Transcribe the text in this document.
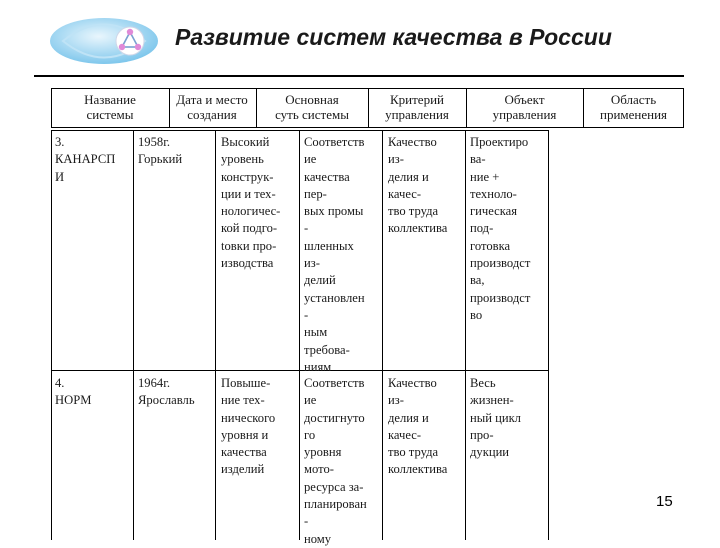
Развитие систем качества в России
Название
системы
Дата и место
создания
Основная
суть системы
Критерий
управления
Объект
управления
Область
применения
3.
КАНАРСП
И
1958г.
Горький
Высокий
уровень
конструк-
ции и тех-
нологичес-
кой подго-
tовки про-
изводства
Соответств
ие
качества
пер-
вых промы
-
шленных
из-
делий
установлен
-
ным
требова-
ниям
Качество
из-
делия и
качес-
тво труда
коллектива
Проектиро
ва-
ние +
техноло-
гическая
под-
готовка
производст
ва,
производст
во
4.
НОРМ
1964г.
Ярославль
Повыше-
ние тех-
нического
уровня и
качества
изделий
Соответств
ие
достигнуто
го
уровня
мото-
ресурса за-
планирован
-
ному
Качество
из-
делия и
качес-
тво труда
коллектива
Весь
жизнен-
ный цикл
про-
дукции
15
